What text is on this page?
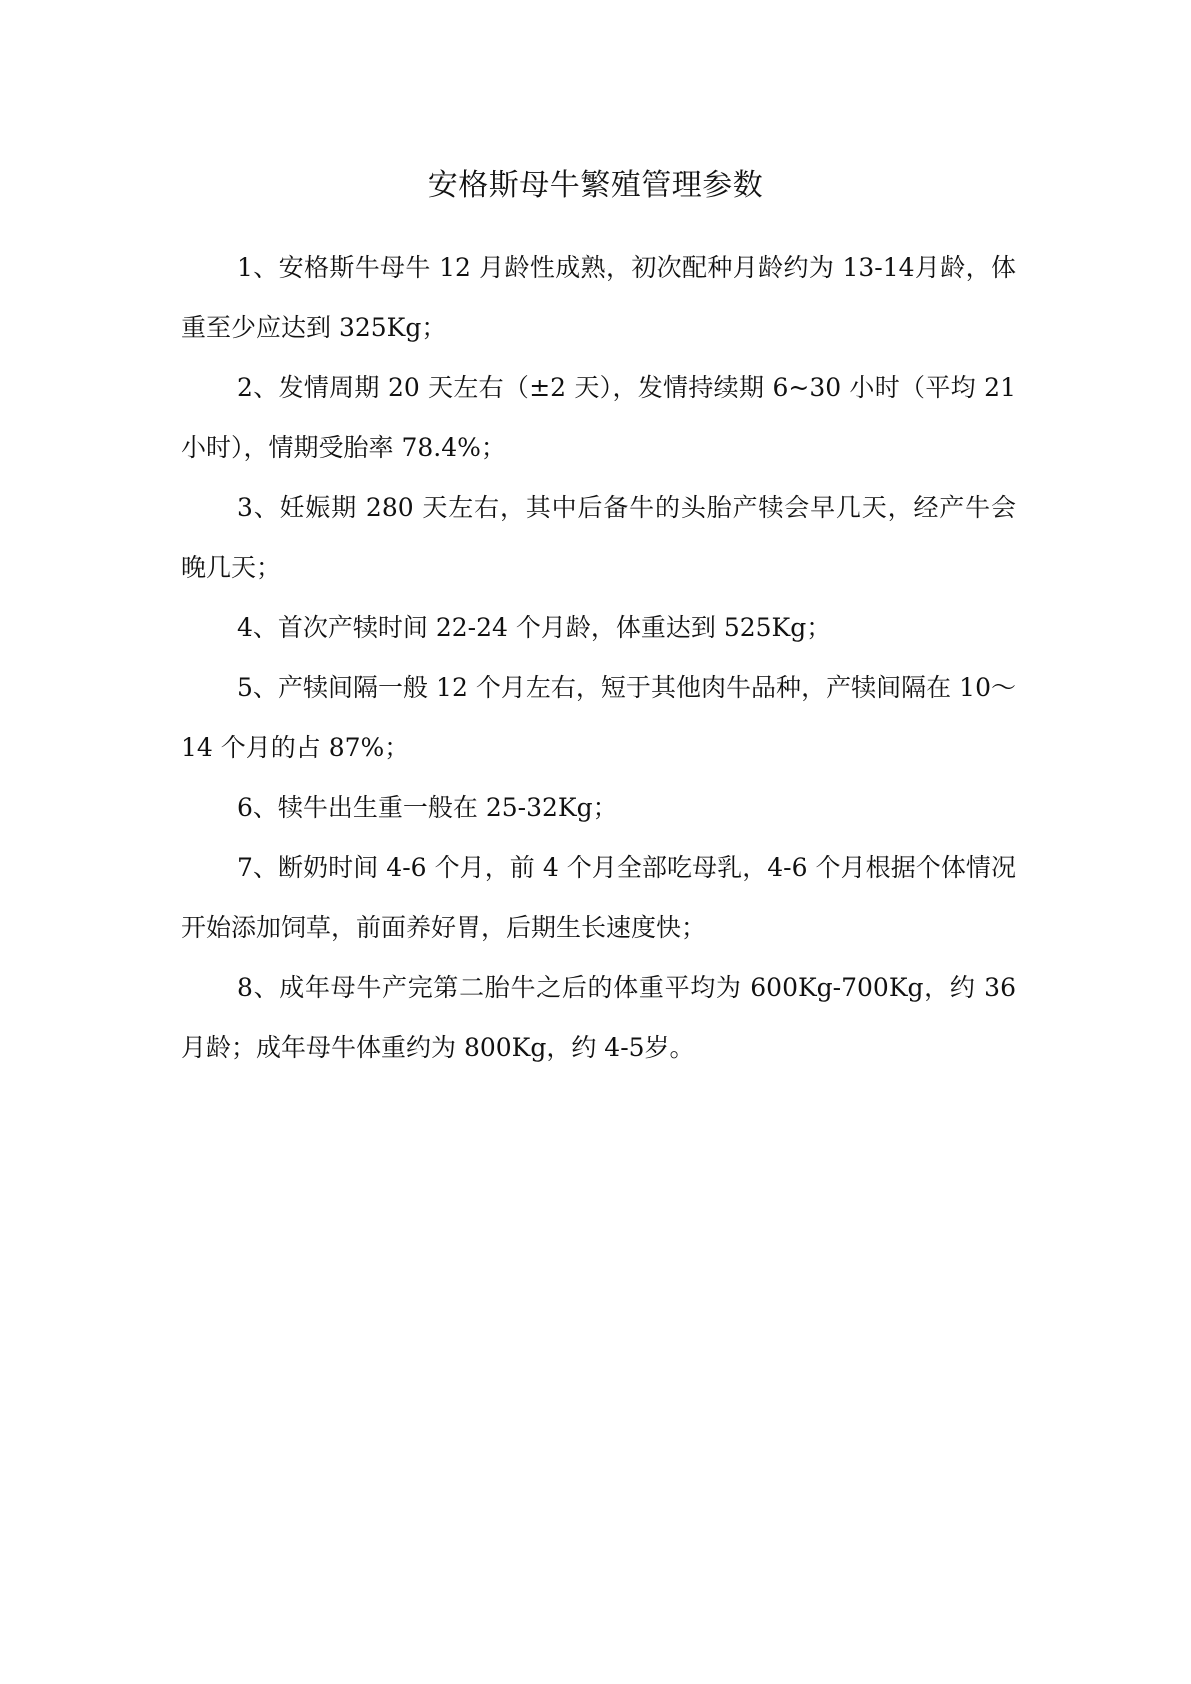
安格斯母牛繁殖管理参数

1、安格斯牛母牛 12 月龄性成熟，初次配种月龄约为 13-14月龄，体重至少应达到 325Kg；

2、发情周期 20 天左右（±2 天），发情持续期 6~30 小时（平均 21 小时），情期受胎率 78.4%；

3、妊娠期 280 天左右，其中后备牛的头胎产犊会早几天，经产牛会晚几天；

4、首次产犊时间 22-24 个月龄，体重达到 525Kg；

5、产犊间隔一般 12 个月左右，短于其他肉牛品种，产犊间隔在 10～14 个月的占 87%；

6、犊牛出生重一般在 25-32Kg；

7、断奶时间 4-6 个月，前 4 个月全部吃母乳，4-6 个月根据个体情况开始添加饲草，前面养好胃，后期生长速度快；

8、成年母牛产完第二胎牛之后的体重平均为 600Kg-700Kg，约 36 月龄；成年母牛体重约为 800Kg，约 4-5岁。
